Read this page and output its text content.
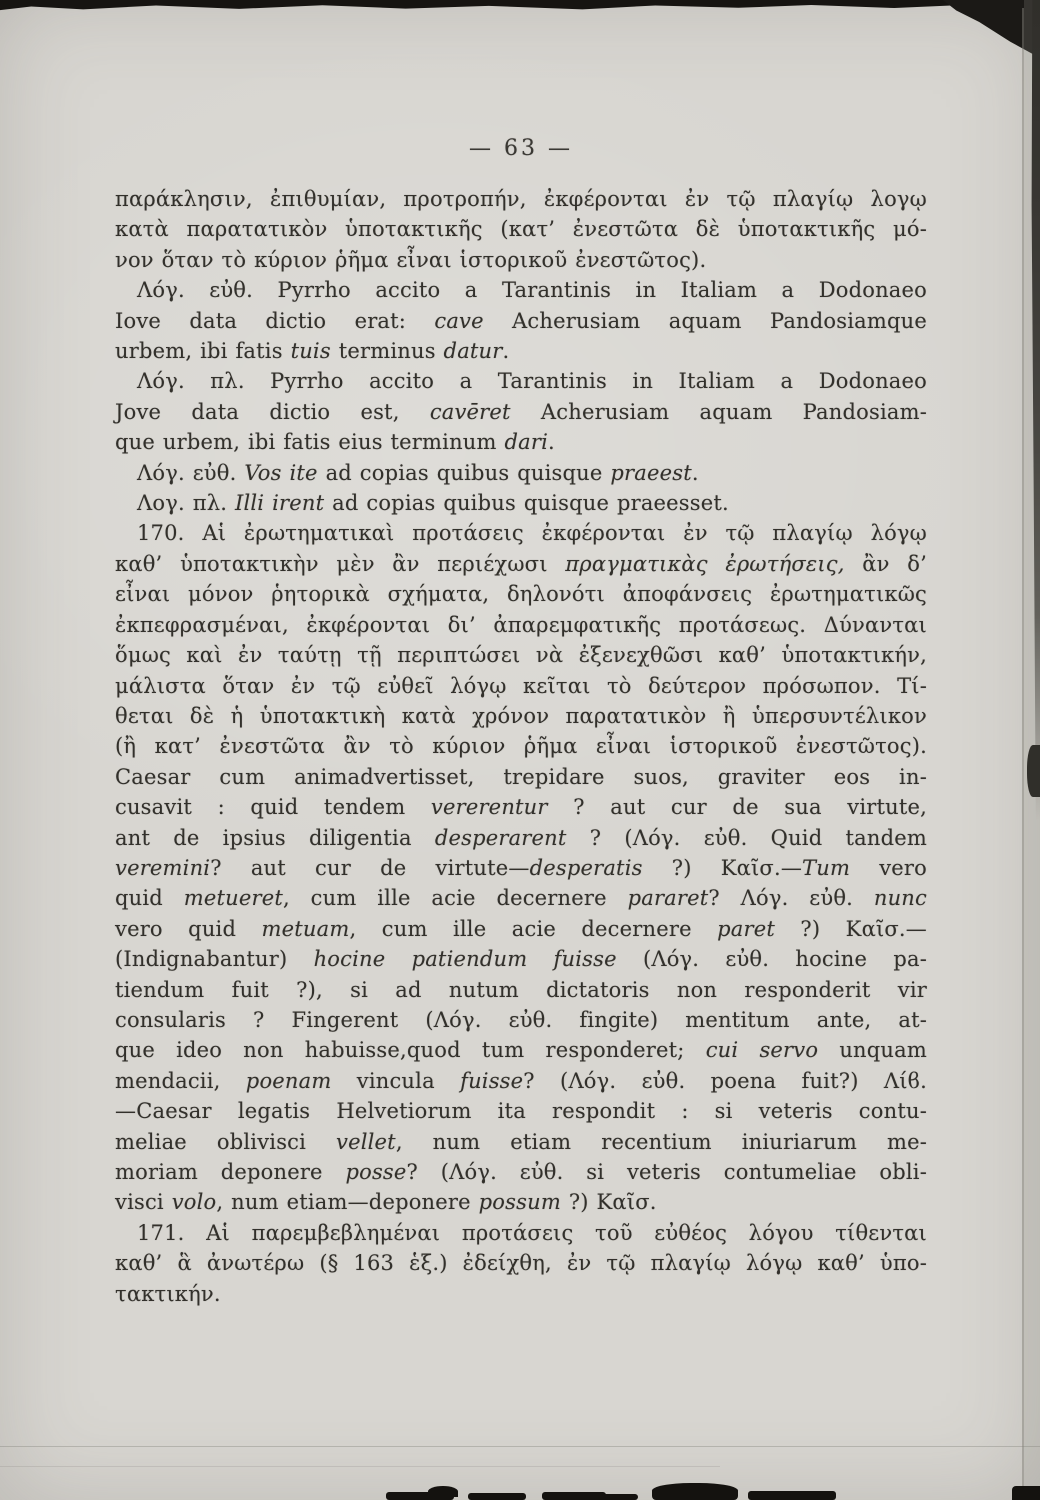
— 63 —
παράκλησιν, ἐπιθυμίαν, προτροπήν, ἐκφέρονται ἐν τῷ πλαγίῳ λογῳ
κατὰ παρατατικὸν ὑποτακτικῆς (κατ’ ἐνεστῶτα δὲ ὑποτακτικῆς μό-
νον ὅταν τὸ κύριον ῥῆμα εἶναι ἱστορικοῦ ἐνεστῶτος).
Λόγ. εὐθ. Pyrrho accito a Tarantinis in Italiam a Dodonaeo
Iove data dictio erat: cave Acherusiam aquam Pandosiamque
urbem, ibi fatis tuis terminus datur.
Λόγ. πλ. Pyrrho accito a Tarantinis in Italiam a Dodonaeo
Jove data dictio est, cavēret Acherusiam aquam Pandosiam-
que urbem, ibi fatis eius terminum dari.
Λόγ. εὐθ. Vos ite ad copias quibus quisque praeest.
Λογ. πλ. Illi irent ad copias quibus quisque praeesset.
170. Αἱ ἐρωτηματικαὶ προτάσεις ἐκφέρονται ἐν τῷ πλαγίῳ λόγῳ
καθ’ ὑποτακτικὴν μὲν ἂν περιέχωσι πραγματικὰς ἐρωτήσεις, ἂν δ’
εἶναι μόνον ῥητορικὰ σχήματα, δηλονότι ἀποφάνσεις ἐρωτηματικῶς
ἐκπεφρασμέναι, ἐκφέρονται δι’ ἀπαρεμφατικῆς προτάσεως. Δύνανται
ὅμως καὶ ἐν ταύτῃ τῇ περιπτώσει νὰ ἐξενεχθῶσι καθ’ ὑποτακτικήν,
μάλιστα ὅταν ἐν τῷ εὐθεῖ λόγῳ κεῖται τὸ δεύτερον πρόσωπον. Τί-
θεται δὲ ἡ ὑποτακτικὴ κατὰ χρόνον παρατατικὸν ἢ ὑπερσυντέλικον
(ἢ κατ’ ἐνεστῶτα ἂν τὸ κύριον ῥῆμα εἶναι ἱστορικοῦ ἐνεστῶτος).
Caesar cum animadvertisset, trepidare suos, graviter eos in-
cusavit : quid tendem vererentur ? aut cur de sua virtute,
ant de ipsius diligentia desperarent ? (Λόγ. εὐθ. Quid tandem
veremini? aut cur de virtute—desperatis ?) Καῖσ.—Tum vero
quid metueret, cum ille acie decernere pararet? Λόγ. εὐθ. nunc
vero quid metuam, cum ille acie decernere paret ?) Καῖσ.—
(Indignabantur) hocine patiendum fuisse (Λόγ. εὐθ. hocine pa-
tiendum fuit ?), si ad nutum dictatoris non responderit vir
consularis ? Fingerent (Λόγ. εὐθ. fingite) mentitum ante, at-
que ideo non habuisse,quod tum responderet; cui servo unquam
mendacii, poenam vincula fuisse? (Λόγ. εὐθ. poena fuit?) Λίϐ.
—Caesar legatis Helvetiorum ita respondit : si veteris contu-
meliae oblivisci vellet, num etiam recentium iniuriarum me-
moriam deponere posse? (Λόγ. εὐθ. si veteris contumeliae obli-
visci volo, num etiam—deponere possum ?) Καῖσ.
171. Αἱ παρεμβεβλημέναι προτάσεις τοῦ εὐθέος λόγου τίθενται
καθ’ ἃ ἀνωτέρω (§ 163 ἑξ.) ἐδείχθη, ἐν τῷ πλαγίῳ λόγῳ καθ’ ὑπο-
τακτικήν.
